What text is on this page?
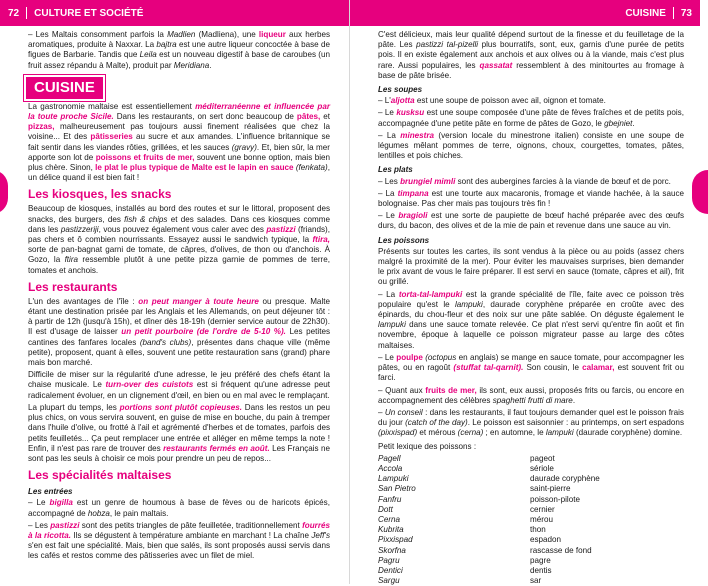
72 CULTURE ET SOCIÉTÉ

– Les Maltais consomment parfois la Madlien (Madliena), une liqueur aux herbes aromatiques, produite à Naxxar. La bajtra est une autre liqueur concoctée à base de figues de Barbarie. Tandis que Leila est un nouveau digestif à base de caroubes (un fruit assez répandu à Malte), produit par Meridiana.

CUISINE

La gastronomie maltaise est essentiellement méditerranéenne et influencée par la toute proche Sicile. Dans les restaurants, on sert donc beaucoup de pâtes, et pizzas, malheureusement pas toujours aussi finement réalisées que chez la voisine... Et des pâtisseries au sucre et aux amandes. L'influence britannique se fait sentir dans les viandes rôties, grillées, et les sauces (gravy). Et, bien sûr, la mer apporte son lot de poissons et fruits de mer, souvent une bonne option, mais bien plus chère. Sinon, le plat le plus typique de Malte est le lapin en sauce (fenkata), un délice quand il est bien fait !

Les kiosques, les snacks

Beaucoup de kiosques, installés au bord des routes et sur le littoral, proposent des snacks, des burgers, des fish & chips et des salades. Dans ces kiosques comme dans les pastizzeriji, vous pouvez également vous caler avec des pastizzi (friands), pas chers et ô combien nourrissants. Essayez aussi le sandwich typique, la ftira, sorte de pan-bagnat garni de tomate, de câpres, d'olives, de thon ou d'anchois. À Gozo, la ftira ressemble plutôt à une petite pizza garnie de pommes de terre, tomates et anchois.

Les restaurants

L'un des avantages de l'île : on peut manger à toute heure ou presque. Malte étant une destination prisée par les Anglais et les Allemands, on peut déjeuner tôt : à partir de 12h (jusqu'à 15h), et dîner dès 18-19h (dernier service autour de 22h30). Il est d'usage de laisser un petit pourboire (de l'ordre de 5-10 %). Les petites cantines des fanfares locales (band's clubs), présentes dans chaque ville (même petite), proposent, quant à elles, souvent une petite restauration sans (grand) phare mais bon marché.

Difficile de miser sur la régularité d'une adresse, le jeu préféré des chefs étant la chaise musicale. Le turn-over des cuistots est si fréquent qu'une adresse peut radicalement évoluer, en un clignement d'œil, en bien ou en mal avec le remplaçant.

La plupart du temps, les portions sont plutôt copieuses. Dans les restos un peu plus chics, on vous servira souvent, en guise de mise en bouche, du pain à tremper dans l'huile d'olive, ou frotté à l'ail et agrémenté d'herbes et de tomates, parfois des petits feuilletés... Ça peut remplacer une entrée et alléger en même temps la note ! Enfin, il n'est pas rare de trouver des restaurants fermés en août. Les Français ne sont pas les seuls à choisir ce mois pour prendre un peu de repos...

Les spécialités maltaises
Les entrées

– Le bigilla est un genre de houmous à base de fèves ou de haricots épicés, accompagné de hobza, le pain maltais.

– Les pastizzi sont des petits triangles de pâte feuilletée, traditionnellement fourrés à la ricotta. Ils se dégustent à température ambiante en marchant ! La chaîne Jeff's s'en est fait une spécialité. Mais, bien que salés, ils sont proposés aussi servis dans les cafés et restos comme des pâtisseries avec un filet de miel.

CUISINE 73

C'est délicieux, mais leur qualité dépend surtout de la finesse et du feuilletage de la pâte. Les pastizzi tal-pizelli plus bourratifs, sont, eux, garnis d'une purée de petits pois. Il en existe également aux anchois et aux olives ou à la viande, mais c'est plus rare. Aussi populaires, les qassatat ressemblent à des minitourtes au fromage à base de pâte brisée.

Les soupes

– L'aljotta est une soupe de poisson avec ail, oignon et tomate.

– Le kusksu est une soupe composée d'une pâte de fèves fraîches et de petits pois, accompagnée d'une petite pâte en forme de pâtes de Gozo, le gbejniet.

– La minestra (version locale du minestrone italien) consiste en une soupe de légumes mêlant pommes de terre, oignons, choux, courgettes, tomates, pâtes, lentilles et pois chiches.

Les plats

– Les brungiel mimli sont des aubergines farcies à la viande de bœuf et de porc.

– La timpana est une tourte aux macaronis, fromage et viande hachée, à la sauce bolognaise. Pas cher mais pas toujours très fin !

– Le bragioli est une sorte de paupiette de bœuf haché préparée avec des œufs durs, du bacon, des olives et de la mie de pain et revenue dans une sauce au vin.

Les poissons

Présents sur toutes les cartes, ils sont vendus à la pièce ou au poids (assez chers malgré la proximité de la mer). Pour éviter les mauvaises surprises, bien demander le prix avant de vous le faire préparer. Il est servi en sauce (tomate, câpres et ail), frit ou grillé.

– La torta-tal-lampuki est la grande spécialité de l'île, faite avec ce poisson très populaire qu'est le lampuki, daurade coryphène préparée en croûte avec des épinards, du chou-fleur et des noix sur une pâte sablée. On déguste également le lampuki dans une sauce tomate relevée. Ce plat n'est servi qu'entre fin août et fin novembre, époque à laquelle ce poisson migrateur passe au large des côtes maltaises.

– Le poulpe (octopus en anglais) se mange en sauce tomate, pour accompagner les pâtes, ou en ragoût (stuffat tal-qarnit). Son cousin, le calamar, est souvent frit ou farci.

– Quant aux fruits de mer, ils sont, eux aussi, proposés frits ou farcis, ou encore en accompagnement des célèbres spaghetti frutti di mare.

– Un conseil : dans les restaurants, il faut toujours demander quel est le poisson frais du jour (catch of the day). Le poisson est saisonnier : au printemps, on sert espadons (pixxispad) et mérous (cerna) ; en automne, le lampuki (daurade coryphène) domine.

Petit lexique des poissons :

Pagell	pageot
Accola	sériole
Lampuki	daurade coryphène
San Pietro	saint-pierre
Fanfru	poisson-pilote
Dott	cernier
Cerna	mérou
Kubrita	thon
Pixxispad	espadon
Skorfna	rascasse de fond
Pagru	pagre
Dentici	dentis
Sargu	sar
